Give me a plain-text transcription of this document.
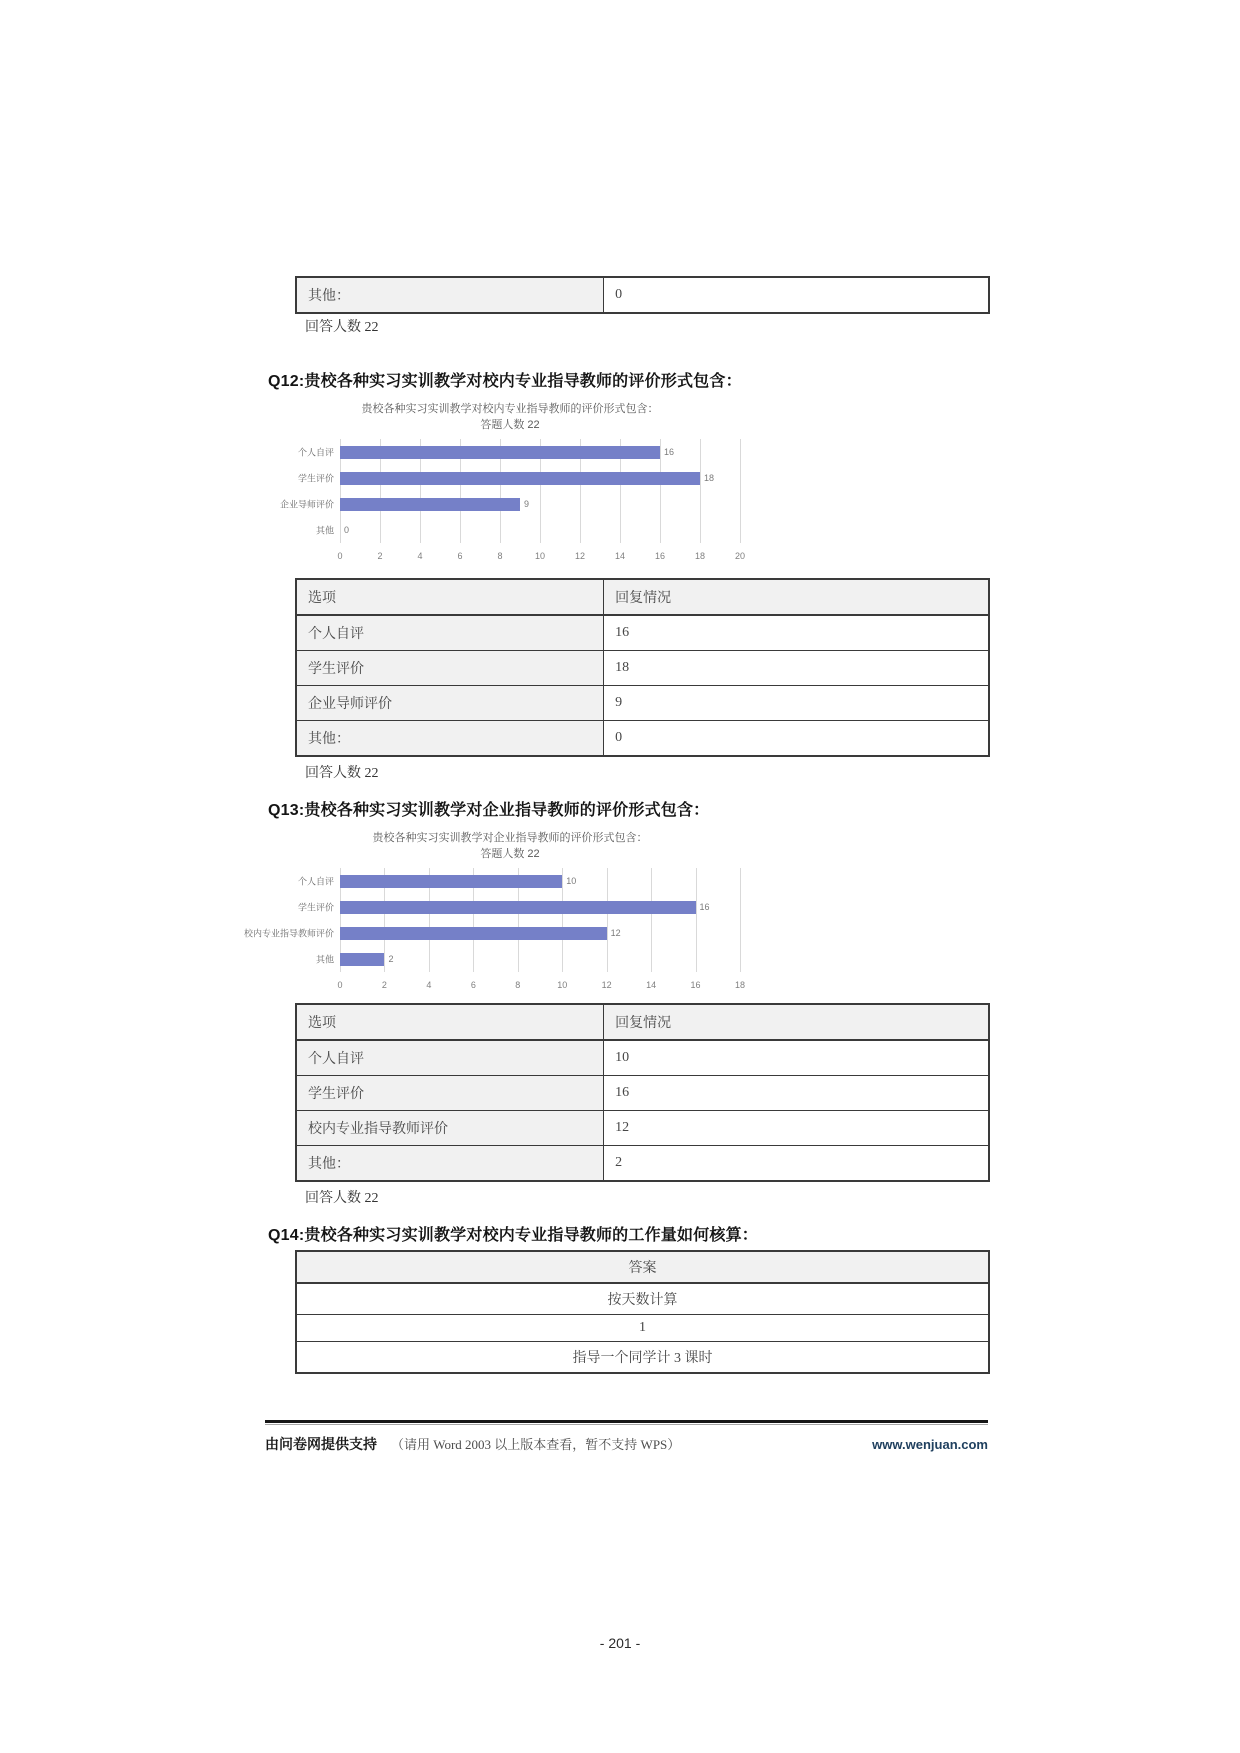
其他：	0
回答人数 22
Q12:贵校各种实习实训教学对校内专业指导教师的评价形式包含：
贵校各种实习实训教学对校内专业指导教师的评价形式包含：
答题人数 22
个人自评	16
学生评价	18
企业导师评价	9
其他 0
0	2	4	6	8	10	12	14	16	18	20
选项	回复情况
个人自评	16
学生评价	18
企业导师评价	9
其他：	0
回答人数 22
Q13:贵校各种实习实训教学对企业指导教师的评价形式包含：
贵校各种实习实训教学对企业指导教师的评价形式包含：
答题人数 22
个人自评	10
学生评价	16
校内专业指导教师评价	12
其他	2
0	2	4	6	8	10	12	14	16	18
选项	回复情况
个人自评	10
学生评价	16
校内专业指导教师评价	12
其他：	2
回答人数 22
Q14:贵校各种实习实训教学对校内专业指导教师的工作量如何核算：
答案
按天数计算
1
指导一个同学计 3 课时
由问卷网提供支持 （请用 Word 2003 以上版本查看，暂不支持 WPS）	www.wenjuan.com
- 201 -
